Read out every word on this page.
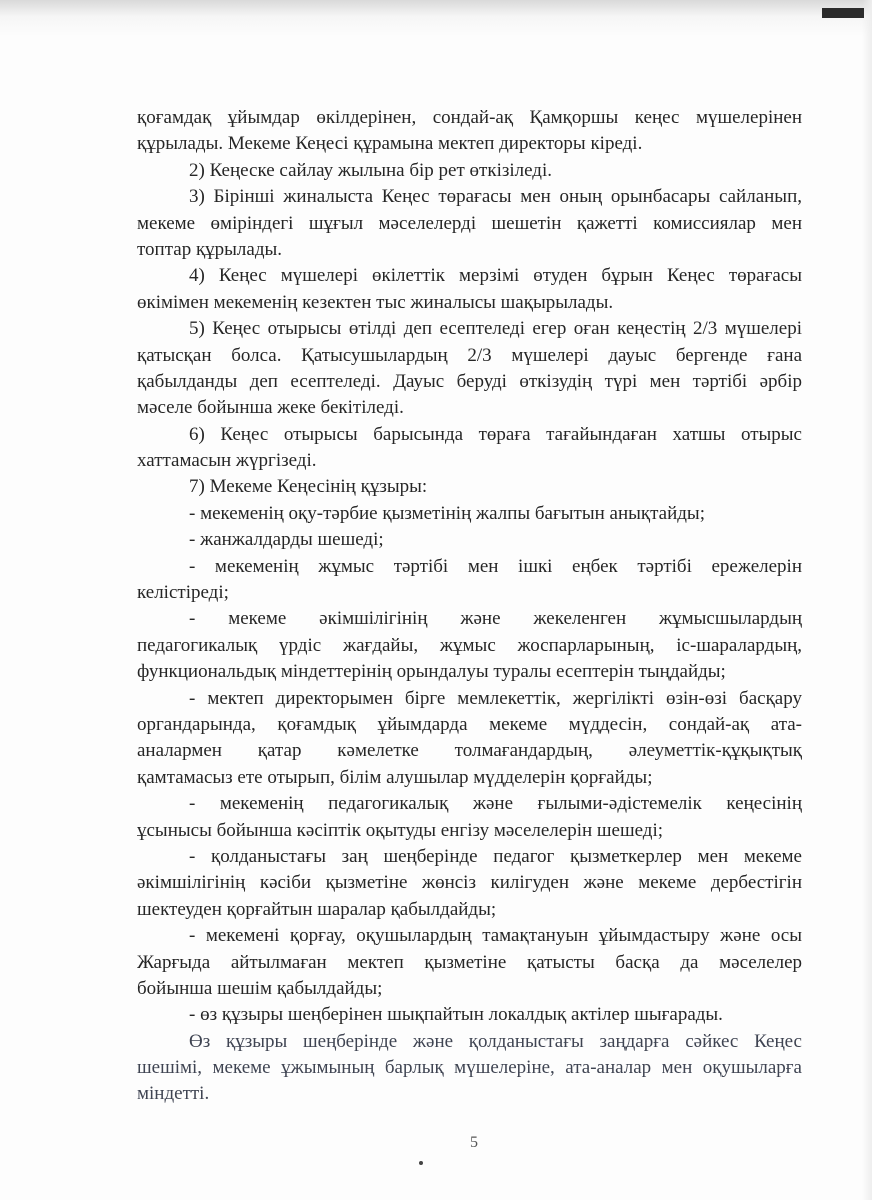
қоғамдақ ұйымдар өкілдерінен, сондай-ақ Қамқоршы кеңес мүшелерінен
құрылады. Мекеме Кеңесі құрамына мектеп директоры кіреді.
2) Кеңеске сайлау жылына бір рет өткізіледі.
3) Бірінші жиналыста Кеңес төрағасы мен оның орынбасары сайланып,
мекеме өміріндегі шұғыл мәселелерді шешетін қажетті комиссиялар мен
топтар құрылады.
4) Кеңес мүшелері өкілеттік мерзімі өтуден бұрын Кеңес төрағасы
өкімімен мекеменің кезектен тыс жиналысы шақырылады.
5) Кеңес отырысы өтілді деп есептеледі егер оған кеңестің 2/3 мүшелері
қатысқан болса. Қатысушылардың 2/3 мүшелері дауыс бергенде ғана
қабылданды деп есептеледі. Дауыс беруді өткізудің түрі мен тәртібі әрбір
мәселе бойынша жеке бекітіледі.
6) Кеңес отырысы барысында төраға тағайындаған хатшы отырыс
хаттамасын жүргізеді.
7) Мекеме Кеңесінің құзыры:
- мекеменің оқу-тәрбие қызметінің жалпы бағытын анықтайды;
- жанжалдарды шешеді;
- мекеменің жұмыс тәртібі мен ішкі еңбек тәртібі ережелерін
келістіреді;
- мекеме әкімшілігінің және жекеленген жұмысшылардың
педагогикалық үрдіс жағдайы, жұмыс жоспарларының, іс-шаралардың,
функциональдық міндеттерінің орындалуы туралы есептерін тыңдайды;
- мектеп директорымен бірге мемлекеттік, жергілікті өзін-өзі басқару
органдарында, қоғамдық ұйымдарда мекеме мүддесін, сондай-ақ ата-
аналармен қатар кәмелетке толмағандардың, әлеуметтік-құқықтық
қамтамасыз ете отырып, білім алушылар мүдделерін қорғайды;
- мекеменің педагогикалық және ғылыми-әдістемелік кеңесінің
ұсынысы бойынша кәсіптік оқытуды енгізу мәселелерін шешеді;
- қолданыстағы заң шеңберінде педагог қызметкерлер мен мекеме
әкімшілігінің кәсіби қызметіне жөнсіз килігуден және мекеме дербестігін
шектеуден қорғайтын шаралар қабылдайды;
- мекемені қорғау, оқушылардың тамақтануын ұйымдастыру және осы
Жарғыда айтылмаған мектеп қызметіне қатысты басқа да мәселелер
бойынша шешім қабылдайды;
- өз құзыры шеңберінен шықпайтын локалдық актілер шығарады.
Өз құзыры шеңберінде және қолданыстағы заңдарға сәйкес Кеңес
шешімі, мекеме ұжымының барлық мүшелеріне, ата-аналар мен оқушыларға
міндетті.
5
